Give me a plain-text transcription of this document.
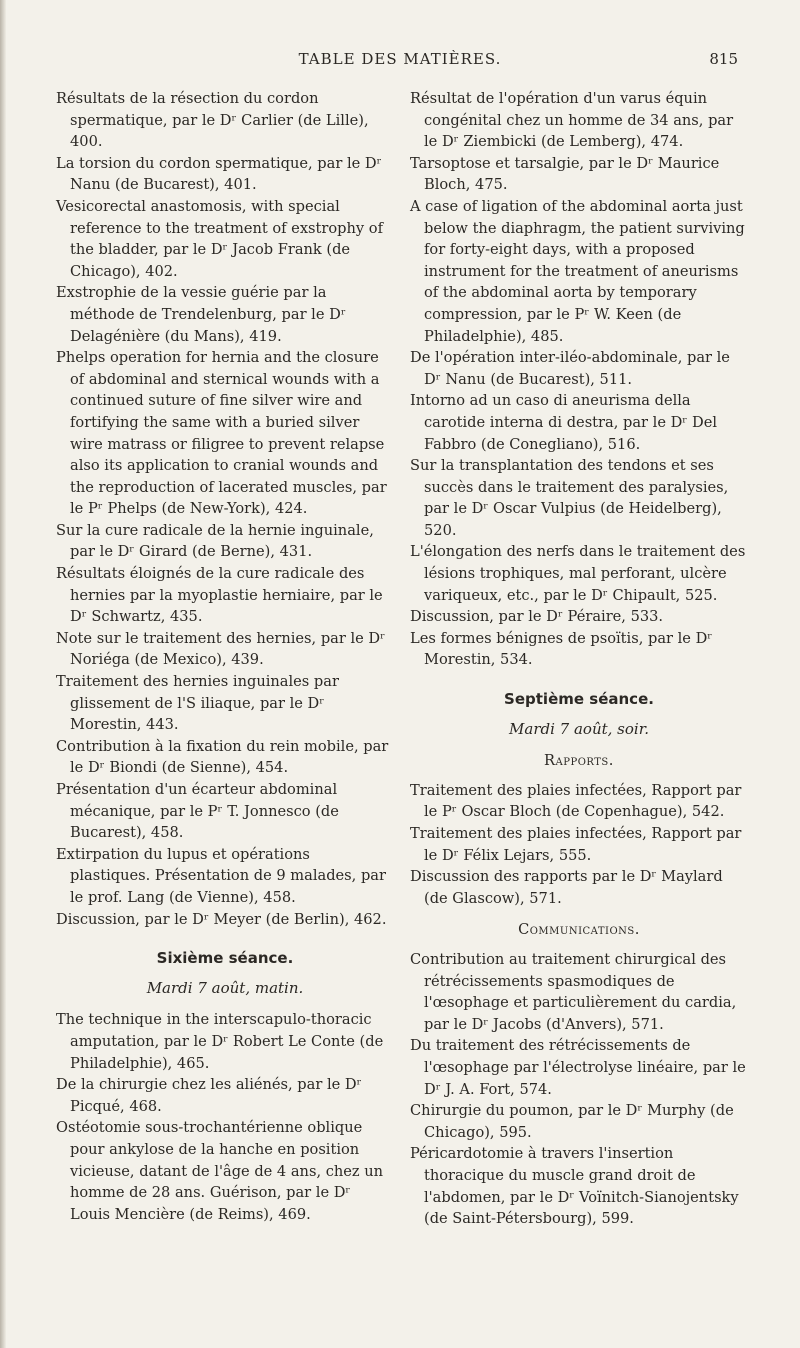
TABLE DES MATIÈRES.	815

Résultats de la résection du cordon spermatique, par le Dʳ Carlier (de Lille), 400.

La torsion du cordon spermatique, par le Dʳ Nanu (de Bucarest), 401.

Vesicorectal anastomosis, with special reference to the treatment of exstrophy of the bladder, par le Dʳ Jacob Frank (de Chicago), 402.

Exstrophie de la vessie guérie par la méthode de Trendelenburg, par le Dʳ Delagénière (du Mans), 419.

Phelps operation for hernia and the closure of abdominal and sternical wounds with a continued suture of fine silver wire and fortifying the same with a buried silver wire matrass or filigree to prevent relapse also its application to cranial wounds and the reproduction of lacerated muscles, par le Pʳ Phelps (de New-York), 424.

Sur la cure radicale de la hernie inguinale, par le Dʳ Girard (de Berne), 431.

Résultats éloignés de la cure radicale des hernies par la myoplastie herniaire, par le Dʳ Schwartz, 435.

Note sur le traitement des hernies, par le Dʳ Noriéga (de Mexico), 439.

Traitement des hernies inguinales par glissement de l'S iliaque, par le Dʳ Morestin, 443.

Contribution à la fixation du rein mobile, par le Dʳ Biondi (de Sienne), 454.

Présentation d'un écarteur abdominal mécanique, par le Pʳ T. Jonnesco (de Bucarest), 458.

Extirpation du lupus et opérations plastiques. Présentation de 9 malades, par le prof. Lang (de Vienne), 458.

Discussion, par le Dʳ Meyer (de Berlin), 462.

Sixième séance.
Mardi 7 août, matin.

The technique in the interscapulo-thoracic amputation, par le Dʳ Robert Le Conte (de Philadelphie), 465.

De la chirurgie chez les aliénés, par le Dʳ Picqué, 468.

Ostéotomie sous-trochantérienne oblique pour ankylose de la hanche en position vicieuse, datant de l'âge de 4 ans, chez un homme de 28 ans. Guérison, par le Dʳ Louis Mencière (de Reims), 469.

Résultat de l'opération d'un varus équin congénital chez un homme de 34 ans, par le Dʳ Ziembicki (de Lemberg), 474.

Tarsoptose et tarsalgie, par le Dʳ Maurice Bloch, 475.

A case of ligation of the abdominal aorta just below the diaphragm, the patient surviving for forty-eight days, with a proposed instrument for the treatment of aneurisms of the abdominal aorta by temporary compression, par le Pʳ W. Keen (de Philadelphie), 485.

De l'opération inter-iléo-abdominale, par le Dʳ Nanu (de Bucarest), 511.

Intorno ad un caso di aneurisma della carotide interna di destra, par le Dʳ Del Fabbro (de Conegliano), 516.

Sur la transplantation des tendons et ses succès dans le traitement des paralysies, par le Dʳ Oscar Vulpius (de Heidelberg), 520.

L'élongation des nerfs dans le traitement des lésions trophiques, mal perforant, ulcère variqueux, etc., par le Dʳ Chipault, 525.

Discussion, par le Dʳ Péraire, 533.

Les formes bénignes de psoïtis, par le Dʳ Morestin, 534.

Septième séance.
Mardi 7 août, soir.
Rapports.

Traitement des plaies infectées, Rapport par le Pʳ Oscar Bloch (de Copenhague), 542.

Traitement des plaies infectées, Rapport par le Dʳ Félix Lejars, 555.

Discussion des rapports par le Dʳ Maylard (de Glascow), 571.

Communications.

Contribution au traitement chirurgical des rétrécissements spasmodiques de l'œsophage et particulièrement du cardia, par le Dʳ Jacobs (d'Anvers), 571.

Du traitement des rétrécissements de l'œsophage par l'électrolyse linéaire, par le Dʳ J. A. Fort, 574.

Chirurgie du poumon, par le Dʳ Murphy (de Chicago), 595.

Péricardotomie à travers l'insertion thoracique du muscle grand droit de l'abdomen, par le Dʳ Voïnitch-Sianojentsky (de Saint-Pétersbourg), 599.
